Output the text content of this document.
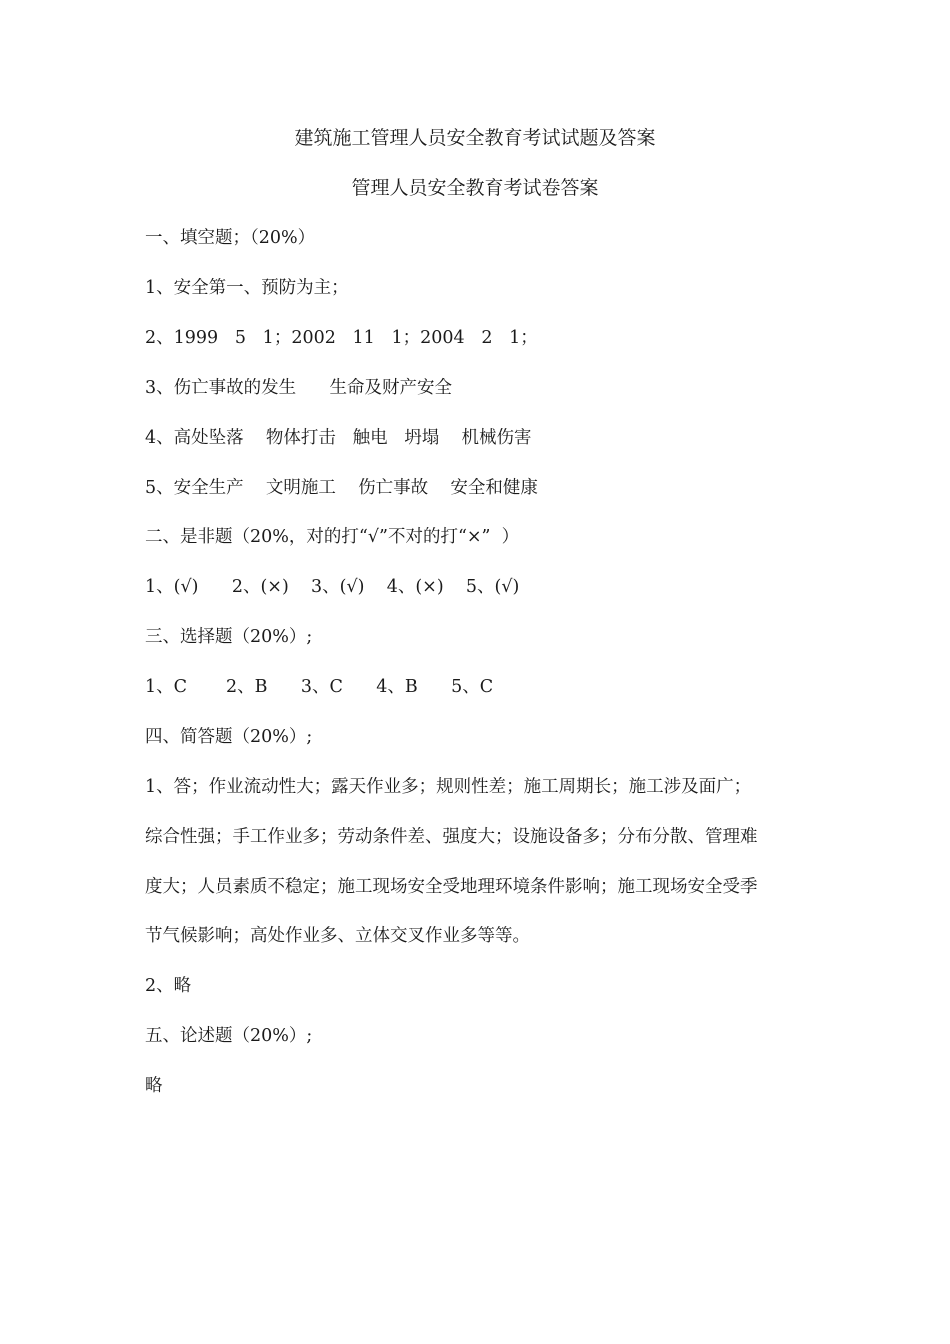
建筑施工管理人员安全教育考试试题及答案
管理人员安全教育考试卷答案
一、填空题；（20%）
1、安全第一、预防为主；
2、1999   5   1；2002   11   1；2004   2   1；
3、伤亡事故的发生      生命及财产安全
4、高处坠落    物体打击   触电   坍塌    机械伤害
5、安全生产    文明施工    伤亡事故    安全和健康
二、是非题（20%，对的打“√”不对的打“×”  ）
1、(√)      2、(×)    3、(√)    4、(×)    5、(√)
三、选择题（20%）;
1、C       2、B      3、C      4、B      5、C
四、简答题（20%）;
1、答；作业流动性大；露天作业多；规则性差；施工周期长；施工涉及面广；
综合性强；手工作业多；劳动条件差、强度大；设施设备多；分布分散、管理难
度大；人员素质不稳定；施工现场安全受地理环境条件影响；施工现场安全受季
节气候影响；高处作业多、立体交叉作业多等等。
2、略
五、论述题（20%）;
略
